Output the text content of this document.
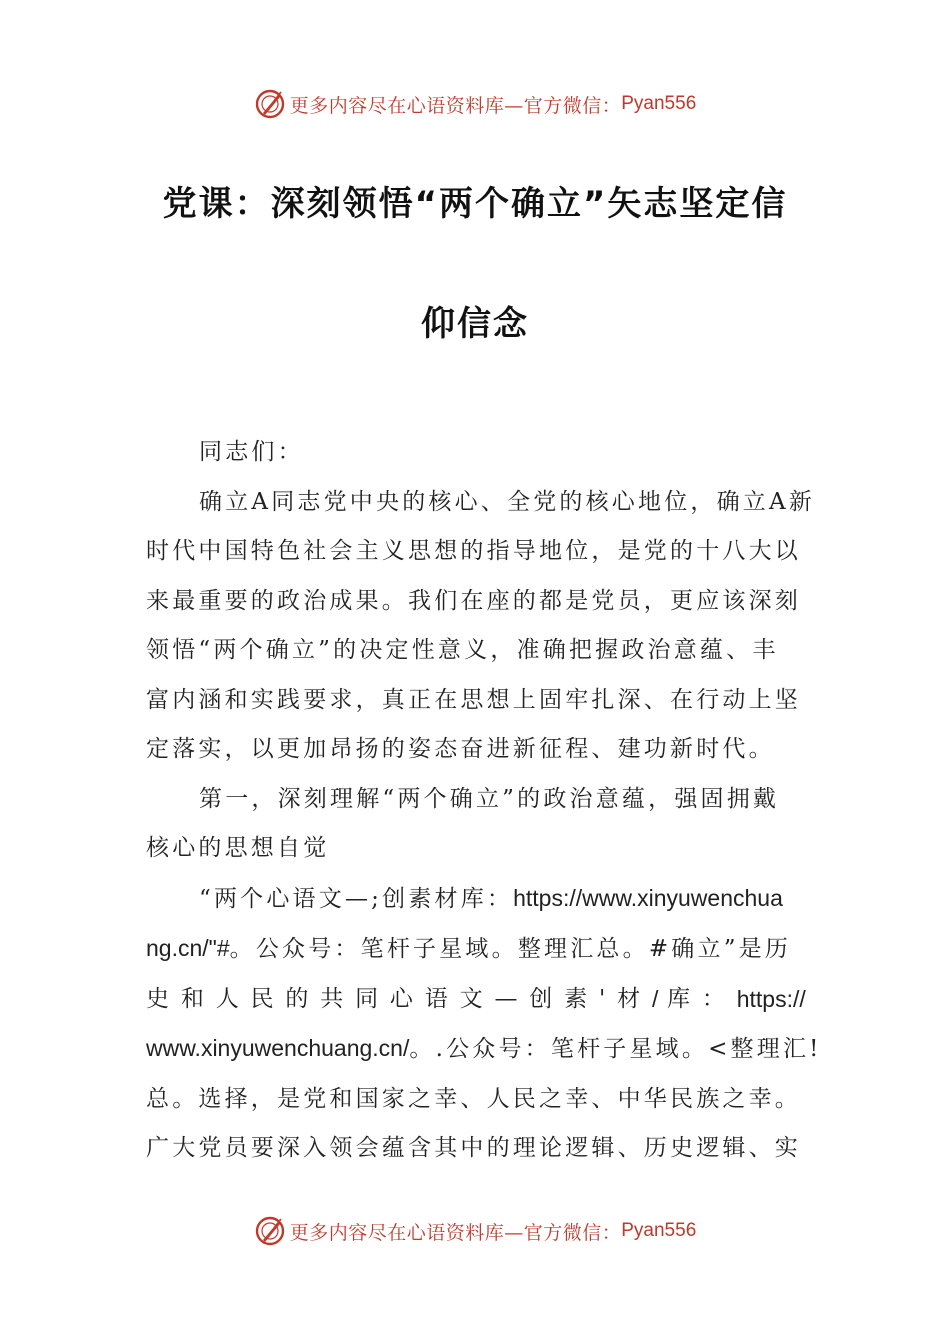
更多内容尽在心语资料库—官方微信： Pyan556
党课：深刻领悟“两个确立”矢志坚定信
仰信念

同志们：

确立A同志党中央的核心、全党的核心地位，确立A新
时代中国特色社会主义思想的指导地位，是党的十八大以
来最重要的政治成果。我们在座的都是党员，更应该深刻
领悟“两个确立”的决定性意义，准确把握政治意蕴、丰
富内涵和实践要求，真正在思想上固牢扎深、在行动上坚
定落实，以更加昂扬的姿态奋进新征程、建功新时代。

第一，深刻理解“两个确立”的政治意蕴，强固拥戴
核心的思想自觉

“两个心语文—;创素材库：https://www.xinyuwenchua
ng.cn/"#。公众号：笔杆子星域。整理汇总。#确立”是历
史 和 人 民 的 共 同 心 语 文 — 创 素 ' 材 / 库 ： https://
www.xinyuwenchuang.cn/。.公众号：笔杆子星域。<整理汇!
总。选择，是党和国家之幸、人民之幸、中华民族之幸。
广大党员要深入领会蕴含其中的理论逻辑、历史逻辑、实

更多内容尽在心语资料库—官方微信： Pyan556
